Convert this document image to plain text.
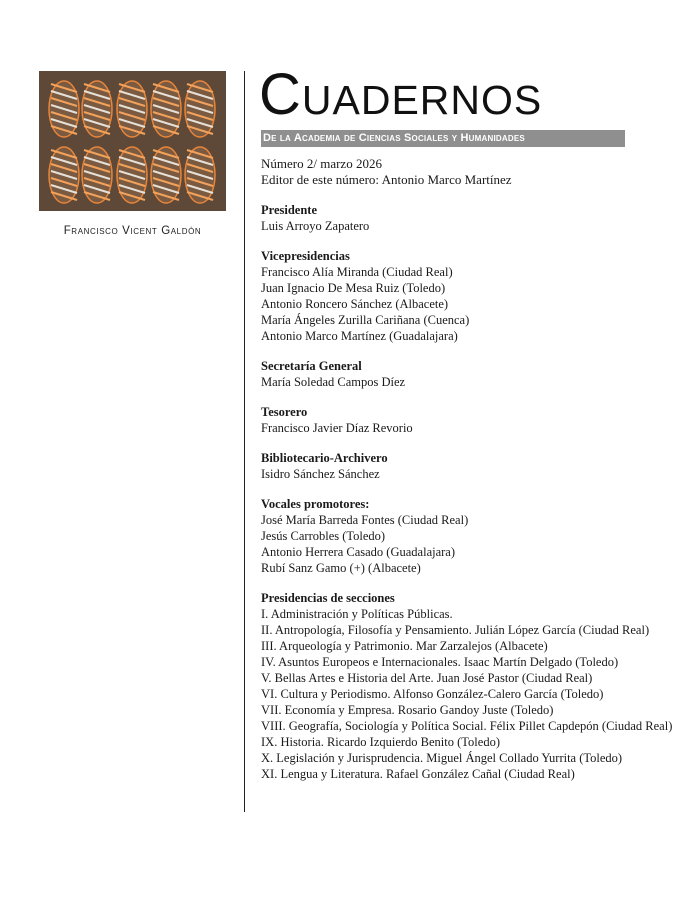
Francisco Vicent Galdón
Cuadernos
De la Academia de Ciencias Sociales y Humanidades
Número 2/ marzo 2026
Editor de este número: Antonio Marco Martínez
Presidente
Luis Arroyo Zapatero
Vicepresidencias
Francisco Alía Miranda (Ciudad Real)
Juan Ignacio De Mesa Ruiz (Toledo)
Antonio Roncero Sánchez (Albacete)
María Ángeles Zurilla Cariñana (Cuenca)
Antonio Marco Martínez (Guadalajara)
Secretaría General
María Soledad Campos Díez
Tesorero
Francisco Javier Díaz Revorio
Bibliotecario-Archivero
Isidro Sánchez Sánchez
Vocales promotores:
José María Barreda Fontes (Ciudad Real)
Jesús Carrobles (Toledo)
Antonio Herrera Casado (Guadalajara)
Rubí Sanz Gamo (+) (Albacete)
Presidencias de secciones
I. Administración y Políticas Públicas.
II. Antropología, Filosofía y Pensamiento. Julián López García (Ciudad Real)
III. Arqueología y Patrimonio. Mar Zarzalejos (Albacete)
IV. Asuntos Europeos e Internacionales. Isaac Martín Delgado (Toledo)
V. Bellas Artes e Historia del Arte. Juan José Pastor (Ciudad Real)
VI. Cultura y Periodismo. Alfonso González-Calero García (Toledo)
VII. Economía y Empresa. Rosario Gandoy Juste (Toledo)
VIII. Geografía, Sociología y Política Social. Félix Pillet Capdepón (Ciudad Real)
IX. Historia. Ricardo Izquierdo Benito (Toledo)
X. Legislación y Jurisprudencia. Miguel Ángel Collado Yurrita (Toledo)
XI. Lengua y Literatura. Rafael González Cañal (Ciudad Real)
